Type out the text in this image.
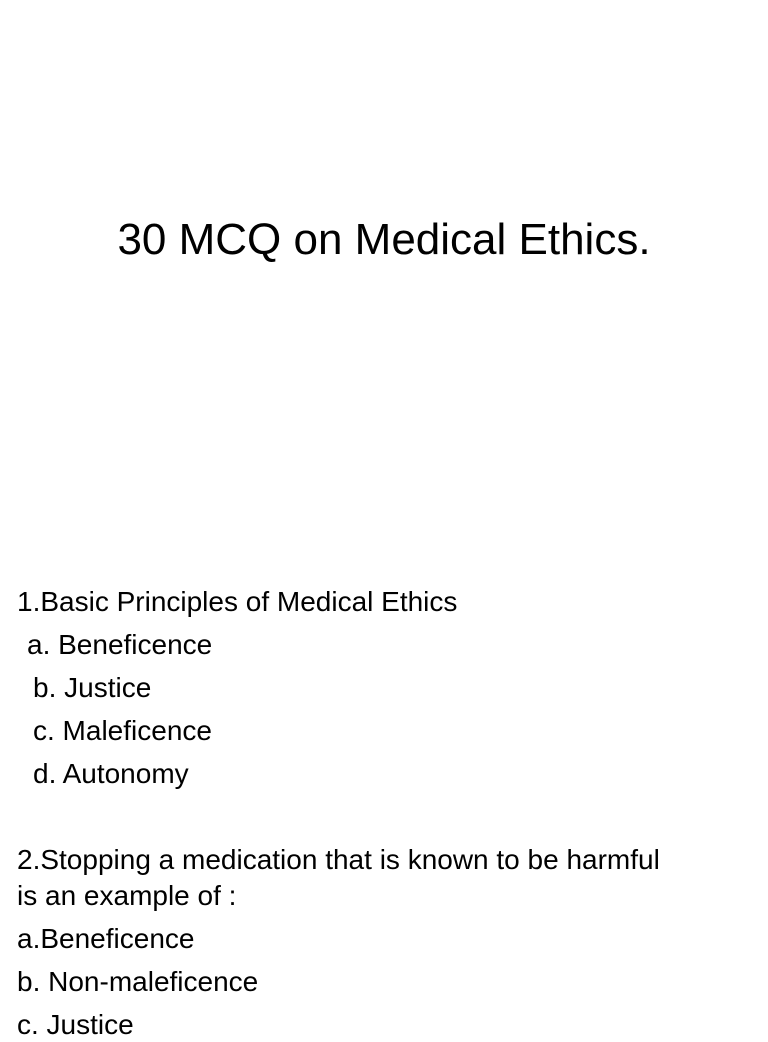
30 MCQ on Medical Ethics.
1.Basic Principles of Medical Ethics
a. Beneficence
b. Justice
c. Maleficence
d. Autonomy
2.Stopping a medication that is known to be harmful
is an example of :
a.Beneficence
b. Non-maleficence
c. Justice
